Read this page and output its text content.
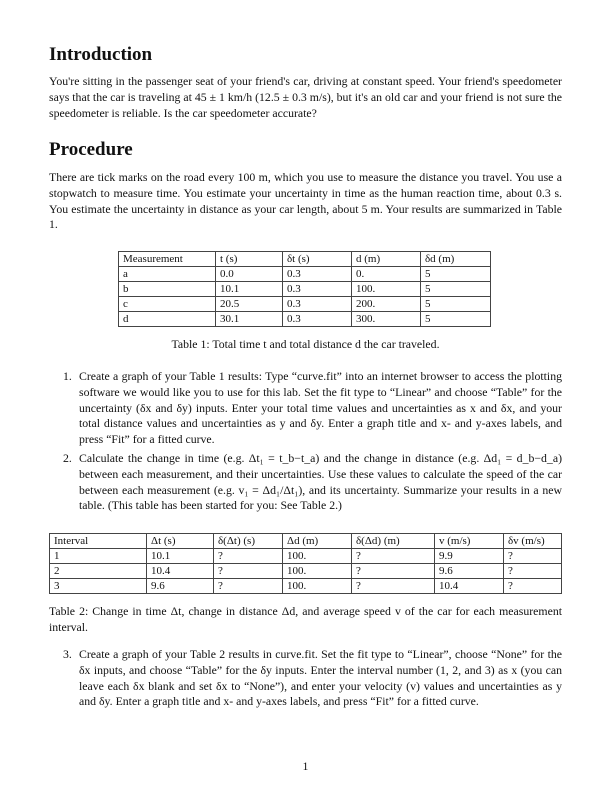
Introduction

You're sitting in the passenger seat of your friend's car, driving at constant speed. Your friend's speedometer says that the car is traveling at 45 ± 1 km/h (12.5 ± 0.3 m/s), but it's an old car and your friend is not sure the speedometer is reliable. Is the car speedometer accurate?

Procedure

There are tick marks on the road every 100 m, which you use to measure the distance you travel. You use a stopwatch to measure time. You estimate your uncertainty in time as the human reaction time, about 0.3 s. You estimate the uncertainty in distance as your car length, about 5 m. Your results are summarized in Table 1.

Measurement	t (s)	δt (s)	d (m)	δd (m)
a	0.0	0.3	0.	5
b	10.1	0.3	100.	5
c	20.5	0.3	200.	5
d	30.1	0.3	300.	5

Table 1: Total time t and total distance d the car traveled.

1. Create a graph of your Table 1 results: Type “curve.fit” into an internet browser to access the plotting software we would like you to use for this lab. Set the fit type to “Linear” and choose “Table” for the uncertainty (δx and δy) inputs. Enter your total time values and uncertainties as x and δx, and your total distance values and uncertainties as y and δy. Enter a graph title and x- and y-axes labels, and press “Fit” for a fitted curve.

2. Calculate the change in time (e.g. Δt₁ = t_b−t_a) and the change in distance (e.g. Δd₁ = d_b−d_a) between each measurement, and their uncertainties. Use these values to calculate the speed of the car between each measurement (e.g. v₁ = Δd₁/Δt₁), and its uncertainty. Summarize your results in a new table. (This table has been started for you: See Table 2.)

Interval	Δt (s)	δ(Δt) (s)	Δd (m)	δ(Δd) (m)	v (m/s)	δv (m/s)
1	10.1	?	100.	?	9.9	?
2	10.4	?	100.	?	9.6	?
3	9.6	?	100.	?	10.4	?

Table 2: Change in time Δt, change in distance Δd, and average speed v of the car for each measurement interval.

3. Create a graph of your Table 2 results in curve.fit. Set the fit type to “Linear”, choose “None” for the δx inputs, and choose “Table” for the δy inputs. Enter the interval number (1, 2, and 3) as x (you can leave each δx blank and set δx to “None”), and enter your velocity (v) values and uncertainties as y and δy. Enter a graph title and x- and y-axes labels, and press “Fit” for a fitted curve.

1
